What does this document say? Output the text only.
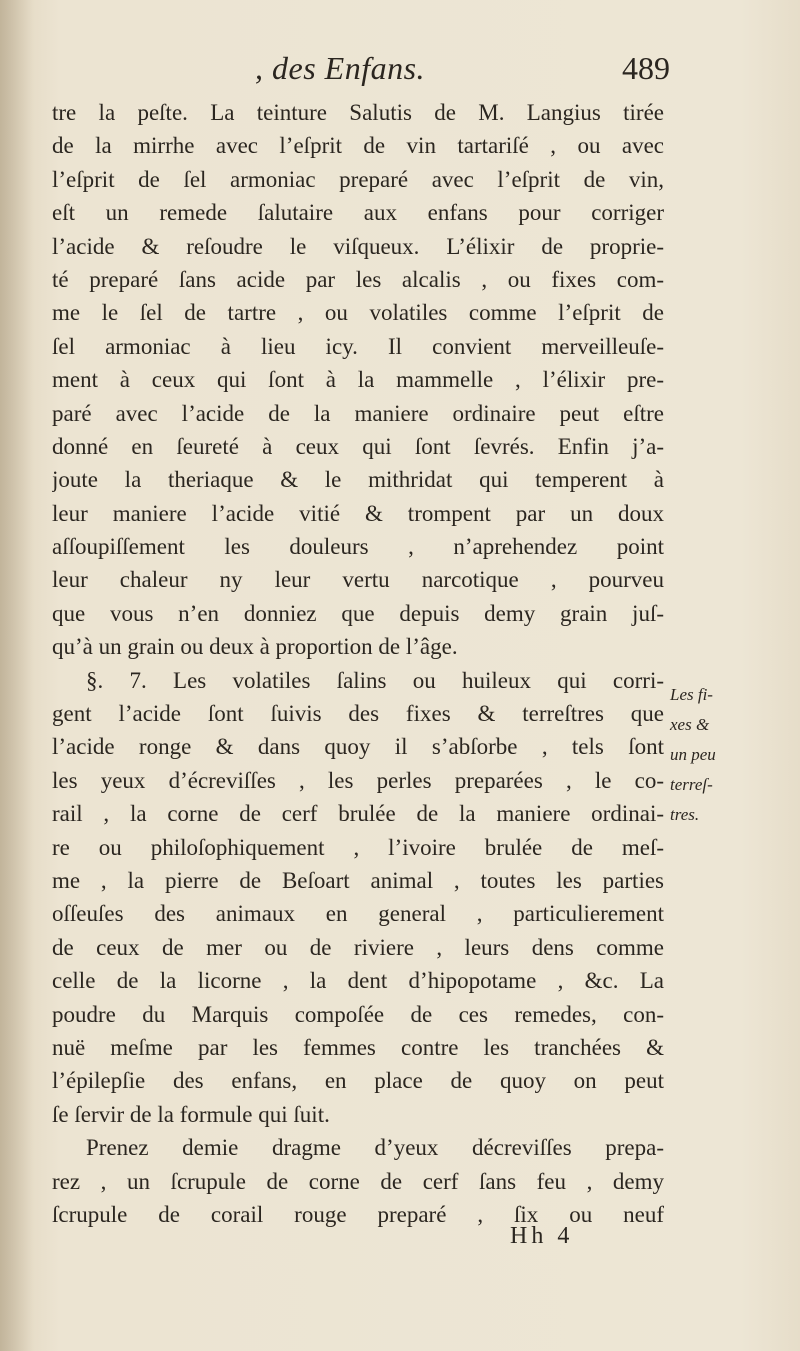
, des Enfans.	489
tre la peſte. La teinture Salutis de M. Langius tirée
de la mirrhe avec l’eſprit de vin tartariſé , ou avec
l’eſprit de ſel armoniac preparé avec l’eſprit de vin,
eſt un remede ſalutaire aux enfans pour corriger
l’acide & reſoudre le viſqueux. L’élixir de proprie-
té preparé ſans acide par les alcalis , ou fixes com-
me le ſel de tartre , ou volatiles comme l’eſprit de
ſel armoniac à lieu icy. Il convient merveilleuſe-
ment à ceux qui ſont à la mammelle , l’élixir pre-
paré avec l’acide de la maniere ordinaire peut eſtre
donné en ſeureté à ceux qui ſont ſevrés. Enfin j’a-
joute la theriaque & le mithridat qui temperent à
leur maniere l’acide vitié & trompent par un doux
aſſoupiſſement les douleurs , n’aprehendez point
leur chaleur ny leur vertu narcotique , pourveu
que vous n’en donniez que depuis demy grain juſ-
qu’à un grain ou deux à proportion de l’âge.
§. 7. Les volatiles ſalins ou huileux qui corri-
gent l’acide ſont ſuivis des fixes & terreſtres que
l’acide ronge & dans quoy il s’abſorbe , tels ſont
les yeux d’écreviſſes , les perles preparées , le co-
rail , la corne de cerf brulée de la maniere ordinai-
re ou philoſophiquement , l’ivoire brulée de meſ-
me , la pierre de Beſoart animal , toutes les parties
oſſeuſes des animaux en general , particulierement
de ceux de mer ou de riviere , leurs dens comme
celle de la licorne , la dent d’hipopotame , &c. La
poudre du Marquis compoſée de ces remedes, con-
nuë meſme par les femmes contre les tranchées &
l’épilepſie des enfans, en place de quoy on peut
ſe ſervir de la formule qui ſuit.
Prenez demie dragme d’yeux décreviſſes prepa-
rez , un ſcrupule de corne de cerf ſans feu , demy
ſcrupule de corail rouge preparé , ſix ou neuf
Les fi-
xes &
un peu
terreſ-
tres.
Hh 4
